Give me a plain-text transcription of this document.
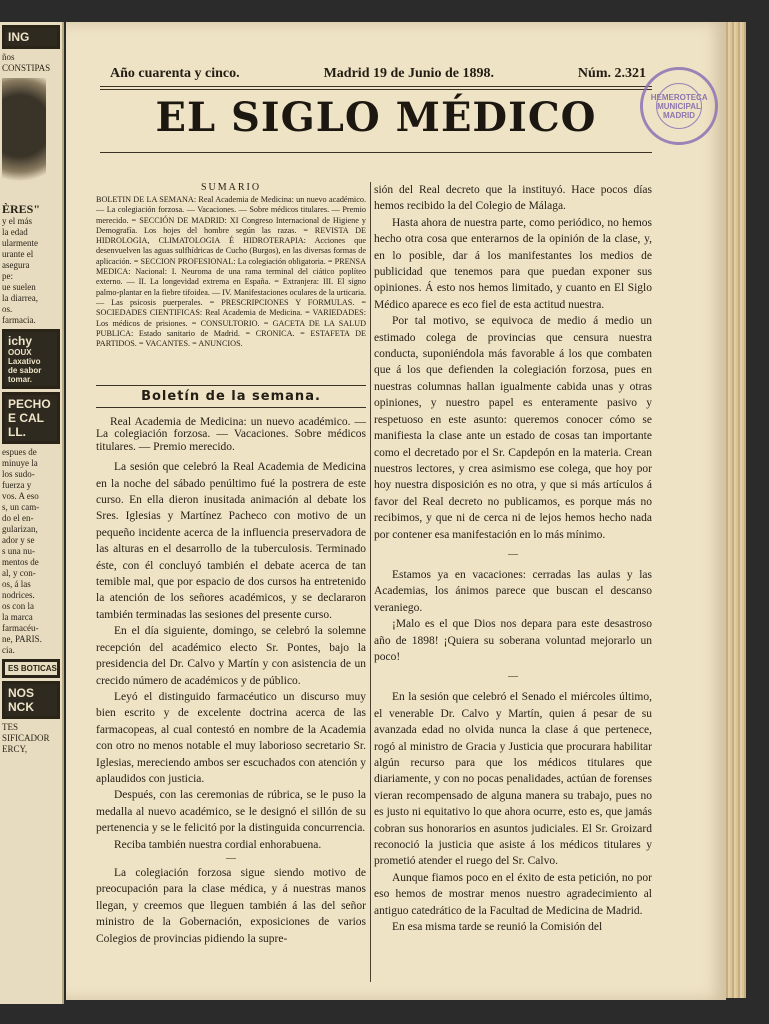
ING
ños
CONSTIPAS
ÈRES"
y el más
la edad
ularmente
urante el
asegura
pe:
ue suelen
la diarrea,
os.
farmacia.
ichy
OOUX
Laxativo
de sabor
tomar.
PECHO
E CAL
LL.
espues de
minuye la
los sudo-
fuerza y
vos. A eso
s, un cam-
do el en-
gularizan,
ador y se
s una nu-
mentos de
al, y con-
os, á las
nodrices.
os con la
la marca
farmacéu-
ne, PARIS.
cia.
ES BOTICAS
NOS
NCK
TES
SIFICADOR
ERCY,
Año cuarenta y cinco.	Madrid 19 de Junio de 1898.	Núm. 2.321
EL SIGLO MÉDICO	HEMEROTECA MUNICIPAL MADRID
SUMARIO

BOLETIN DE LA SEMANA: Real Academia de Medicina: un nuevo académico. — La colegiación forzosa. — Vacaciones. — Sobre médicos titulares. — Premio merecido. = SECCIÓN DE MADRID: XI Congreso Internacional de Higiene y Demografía. Los hojes del hombre según las razas. = REVISTA DE HIDROLOGIA, CLIMATOLOGIA É HIDROTERAPIA: Acciones que desenvuelven las aguas sulfhídricas de Cucho (Burgos), en las diversas formas de aplicación. = SECCION PROFESIONAL: La colegiación obligatoria. = PRENSA MEDICA: Nacional: I. Neuroma de una rama terminal del ciático poplíteo externo. — II. La longevidad extrema en España. = Extranjera: III. El signo palmo-plantar en la fiebre tifoidea. — IV. Manifestaciones oculares de la urticaria. — Las psicosis puerperales. = PRESCRIPCIONES Y FORMULAS. = SOCIEDADES CIENTIFICAS: Real Academia de Medicina. = VARIEDADES: Los médicos de prisiones. = CONSULTORIO. = GACETA DE LA SALUD PUBLICA: Estado sanitario de Madrid. = CRONICA. = ESTAFETA DE PARTIDOS. = VACANTES. = ANUNCIOS.

Boletín de la semana.
Real Academia de Medicina: un nuevo académico. — La colegiación forzosa. — Vacaciones. Sobre médicos titulares. — Premio merecido.

La sesión que celebró la Real Academia de Medicina en la noche del sábado penúltimo fué la postrera de este curso. En ella dieron inusitada animación al debate los Sres. Iglesias y Martínez Pacheco con motivo de un pequeño incidente acerca de la influencia preservadora de las alturas en el desarrollo de la tuberculosis. Terminado éste, con él concluyó también el debate acerca de tan temible mal, que por espacio de dos cursos ha entretenido la atención de los señores académicos, y se declararon también terminadas las sesiones del presente curso.

En el día siguiente, domingo, se celebró la solemne recepción del académico electo Sr. Pontes, bajo la presidencia del Dr. Calvo y Martín y con asistencia de un crecido número de académicos y de público.

Leyó el distinguido farmacéutico un discurso muy bien escrito y de excelente doctrina acerca de las farmacopeas, al cual contestó en nombre de la Academia con otro no menos notable el muy laborioso secretario Sr. Iglesias, mereciendo ambos ser escuchados con atención y aplaudidos con justicia.

Después, con las ceremonias de rúbrica, se le puso la medalla al nuevo académico, se le designó el sillón de su pertenencia y se le felicitó por la distinguida concurrencia.

Reciba también nuestra cordial enhorabuena.

—

La colegiación forzosa sigue siendo motivo de preocupación para la clase médica, y á nuestras manos llegan, y creemos que lleguen también á las del señor ministro de la Gobernación, exposiciones de varios Colegios de provincias pidiendo la supre-

sión del Real decreto que la instituyó. Hace pocos días hemos recibido la del Colegio de Málaga.

Hasta ahora de nuestra parte, como periódico, no hemos hecho otra cosa que enterarnos de la opinión de la clase, y, en lo posible, dar á los manifestantes los medios de publicidad que tenemos para que puedan exponer sus opiniones. Á esto nos hemos limitado, y cuanto en El Siglo Médico aparece es eco fiel de esta actitud nuestra.

Por tal motivo, se equivoca de medio á medio un estimado colega de provincias que censura nuestra conducta, suponiéndola más favorable á los que combaten que á los que defienden la colegiación forzosa, pues en nuestras columnas hallan igualmente cabida unas y otras opiniones, y nuestro papel es enteramente pasivo y respetuoso en este asunto: queremos conocer cómo se manifiesta la clase ante un estado de cosas tan importante como el decretado por el Sr. Capdepón en la materia. Crean nuestros lectores, y crea asimismo ese colega, que hoy por hoy nuestra disposición es no otra, y que si más artículos á favor del Real decreto no publicamos, es porque más no recibimos, y que ni de cerca ni de lejos hemos hecho nada por contener esa manifestación en lo más mínimo.

—

Estamos ya en vacaciones: cerradas las aulas y las Academias, los ánimos parece que buscan el descanso veraniego.

¡Malo es el que Dios nos depara para este desastroso año de 1898! ¡Quiera su soberana voluntad mejorarlo un poco!

—

En la sesión que celebró el Senado el miércoles último, el venerable Dr. Calvo y Martín, quien á pesar de su avanzada edad no olvida nunca la clase á que pertenece, rogó al ministro de Gracia y Justicia que procurara habilitar algún recurso para que los médicos titulares que diariamente, y con no pocas penalidades, actúan de forenses vieran recompensado de alguna manera su trabajo, pues no es justo ni equitativo lo que ahora ocurre, esto es, que jamás cobran sus honorarios en asuntos judiciales. El Sr. Groizard reconoció la justicia que asiste á los médicos titulares y prometió atender el ruego del Sr. Calvo.

Aunque fiamos poco en el éxito de esta petición, no por eso hemos de mostrar menos nuestro agradecimiento al antiguo catedrático de la Facultad de Medicina de Madrid.

En esa misma tarde se reunió la Comisión del
